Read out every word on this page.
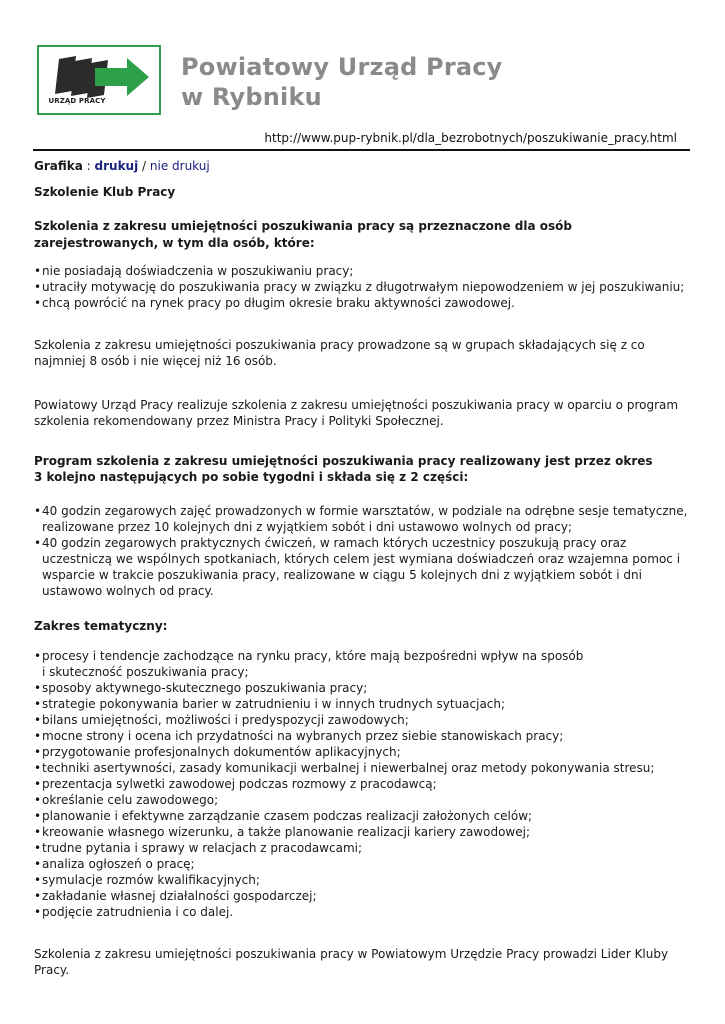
URZĄD PRACY
Powiatowy Urząd Pracy
w Rybniku
http://www.pup-rybnik.pl/dla_bezrobotnych/poszukiwanie_pracy.html

Grafika : drukuj / nie drukuj

Szkolenie Klub Pracy

Szkolenia z zakresu umiejętności poszukiwania pracy są przeznaczone dla osób zarejestrowanych, w tym dla osób, które:

• nie posiadają doświadczenia w poszukiwaniu pracy;
• utraciły motywację do poszukiwania pracy w związku z długotrwałym niepowodzeniem w jej poszukiwaniu;
• chcą powrócić na rynek pracy po długim okresie braku aktywności zawodowej.

Szkolenia z zakresu umiejętności poszukiwania pracy prowadzone są w grupach składających się z co najmniej 8 osób i nie więcej niż 16 osób.

Powiatowy Urząd Pracy realizuje szkolenia z zakresu umiejętności poszukiwania pracy w oparciu o program szkolenia rekomendowany przez Ministra Pracy i Polityki Społecznej.

Program szkolenia z zakresu umiejętności poszukiwania pracy realizowany jest przez okres
3 kolejno następujących po sobie tygodni i składa się z 2 części:

• 40 godzin zegarowych zajęć prowadzonych w formie warsztatów, w podziale na odrębne sesje tematyczne, realizowane przez 10 kolejnych dni z wyjątkiem sobót i dni ustawowo wolnych od pracy;
• 40 godzin zegarowych praktycznych ćwiczeń, w ramach których uczestnicy poszukują pracy oraz uczestniczą we wspólnych spotkaniach, których celem jest wymiana doświadczeń oraz wzajemna pomoc i wsparcie w trakcie poszukiwania pracy, realizowane w ciągu 5 kolejnych dni z wyjątkiem sobót i dni ustawowo wolnych od pracy.

Zakres tematyczny:

• procesy i tendencje zachodzące na rynku pracy, które mają bezpośredni wpływ na sposób
i skuteczność poszukiwania pracy;
• sposoby aktywnego-skutecznego poszukiwania pracy;
• strategie pokonywania barier w zatrudnieniu i w innych trudnych sytuacjach;
• bilans umiejętności, możliwości i predyspozycji zawodowych;
• mocne strony i ocena ich przydatności na wybranych przez siebie stanowiskach pracy;
• przygotowanie profesjonalnych dokumentów aplikacyjnych;
• techniki asertywności, zasady komunikacji werbalnej i niewerbalnej oraz metody pokonywania stresu;
• prezentacja sylwetki zawodowej podczas rozmowy z pracodawcą;
• określanie celu zawodowego;
• planowanie i efektywne zarządzanie czasem podczas realizacji założonych celów;
• kreowanie własnego wizerunku, a także planowanie realizacji kariery zawodowej;
• trudne pytania i sprawy w relacjach z pracodawcami;
• analiza ogłoszeń o pracę;
• symulacje rozmów kwalifikacyjnych;
• zakładanie własnej działalności gospodarczej;
• podjęcie zatrudnienia i co dalej.

Szkolenia z zakresu umiejętności poszukiwania pracy w Powiatowym Urzędzie Pracy prowadzi Lider Kluby Pracy.
